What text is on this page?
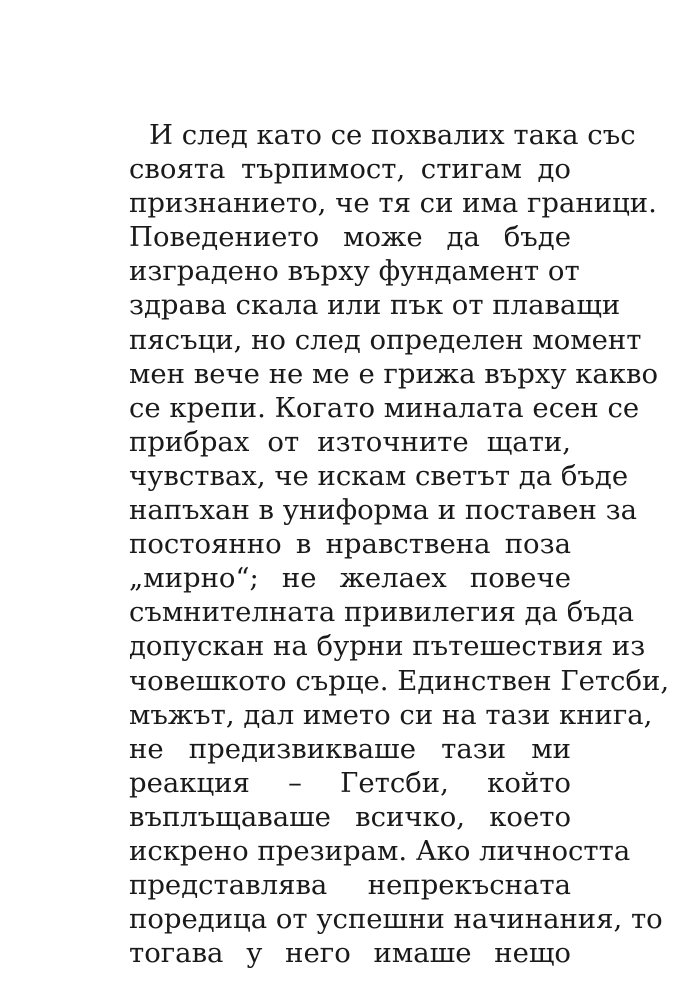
И след като се похвалих така със
своята търпимост, стигам до
признанието, че тя си има граници.
Поведението може да бъде
изградено върху фундамент от
здрава скала или пък от плаващи
пясъци, но след определен момент
мен вече не ме е грижа върху какво
се крепи. Когато миналата есен се
прибрах от източните щати,
чувствах, че искам светът да бъде
напъхан в униформа и поставен за
постоянно в нравствена поза
„мирно“; не желаех повече
съмнителната привилегия да бъда
допускан на бурни пътешествия из
човешкото сърце. Единствен Гетсби,
мъжът, дал името си на тази книга,
не предизвикваше тази ми
реакция – Гетсби, който
въплъщаваше всичко, което
искрено презирам. Ако личността
представлява непрекъсната
поредица от успешни начинания, то
тогава у него имаше нещо
